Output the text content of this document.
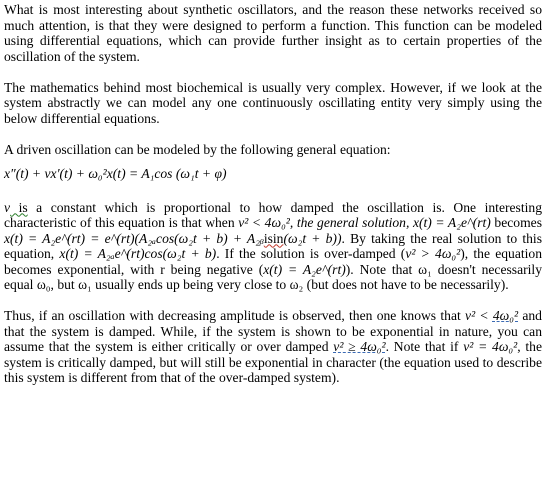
What is most interesting about synthetic oscillators, and the reason these networks received so much attention, is that they were designed to perform a function. This function can be modeled using differential equations, which can provide further insight as to certain properties of the oscillation of the system.

The mathematics behind most biochemical is usually very complex. However, if we look at the system abstractly we can model any one continuously oscillating entity very simply using the below differential equations.

A driven oscillation can be modeled by the following general equation:

x″(t) + vx′(t) + ω₀²x(t) = A₁cos (ω₁t + φ)

v is a constant which is proportional to how damped the oscillation is. One interesting characteristic of this equation is that when v² < 4ω₀², the general solution, x(t) = A₂e^(rt) becomes x(t) = A₂e^(rt) = e^(rt)(A₂ₐcos(ω₂t + b) + A₂ᵦisin(ω₂t + b)). By taking the real solution to this equation, x(t) = A₂ₐe^(rt)cos(ω₂t + b). If the solution is over-damped (v² > 4ω₀²), the equation becomes exponential, with r being negative (x(t) = A₂e^(rt)). Note that ω₁ doesn't necessarily equal ω₀, but ω₁ usually ends up being very close to ω₂ (but does not have to be necessarily).

Thus, if an oscillation with decreasing amplitude is observed, then one knows that v² < 4ω₀² and that the system is damped. While, if the system is shown to be exponential in nature, you can assume that the system is either critically or over damped v² ≥ 4ω₀². Note that if v² = 4ω₀², the system is critically damped, but will still be exponential in character (the equation used to describe this system is different from that of the over-damped system).
